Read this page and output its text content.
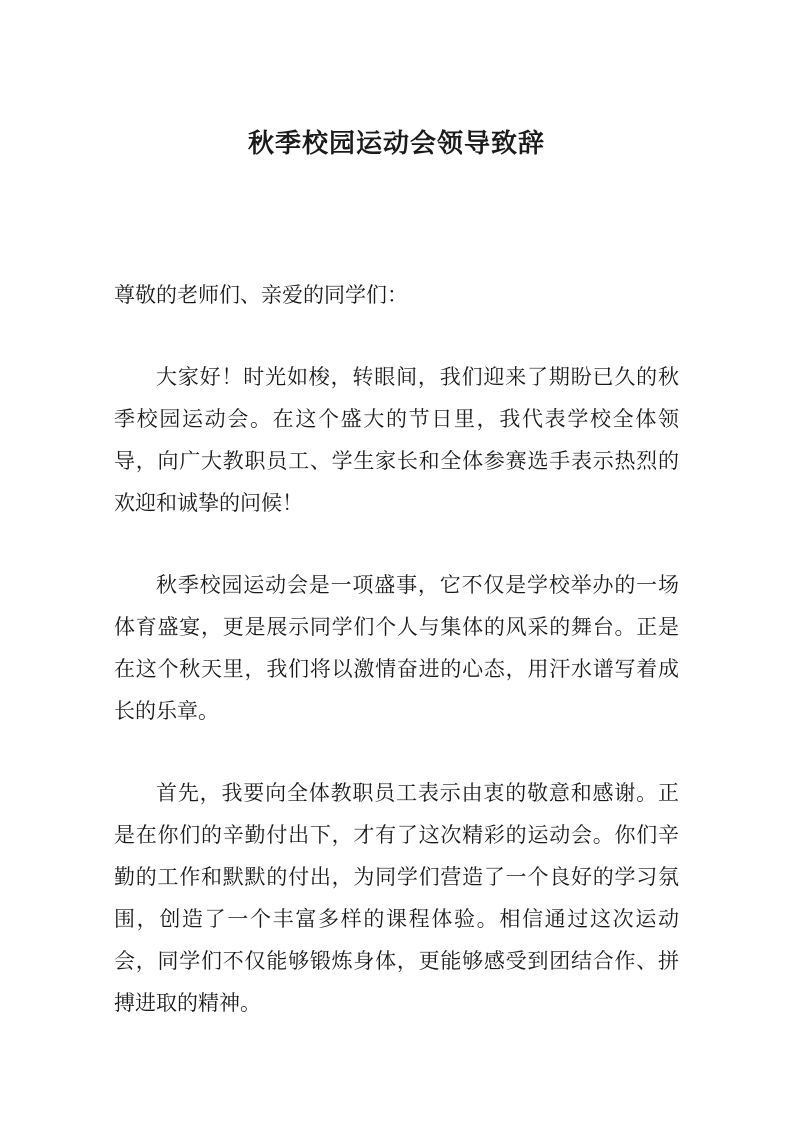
秋季校园运动会领导致辞

尊敬的老师们、亲爱的同学们：

大家好！时光如梭，转眼间，我们迎来了期盼已久的秋季校园运动会。在这个盛大的节日里，我代表学校全体领导，向广大教职员工、学生家长和全体参赛选手表示热烈的欢迎和诚挚的问候！

秋季校园运动会是一项盛事，它不仅是学校举办的一场体育盛宴，更是展示同学们个人与集体的风采的舞台。正是在这个秋天里，我们将以激情奋进的心态，用汗水谱写着成长的乐章。

首先，我要向全体教职员工表示由衷的敬意和感谢。正是在你们的辛勤付出下，才有了这次精彩的运动会。你们辛勤的工作和默默的付出，为同学们营造了一个良好的学习氛围，创造了一个丰富多样的课程体验。相信通过这次运动会，同学们不仅能够锻炼身体，更能够感受到团结合作、拼搏进取的精神。
